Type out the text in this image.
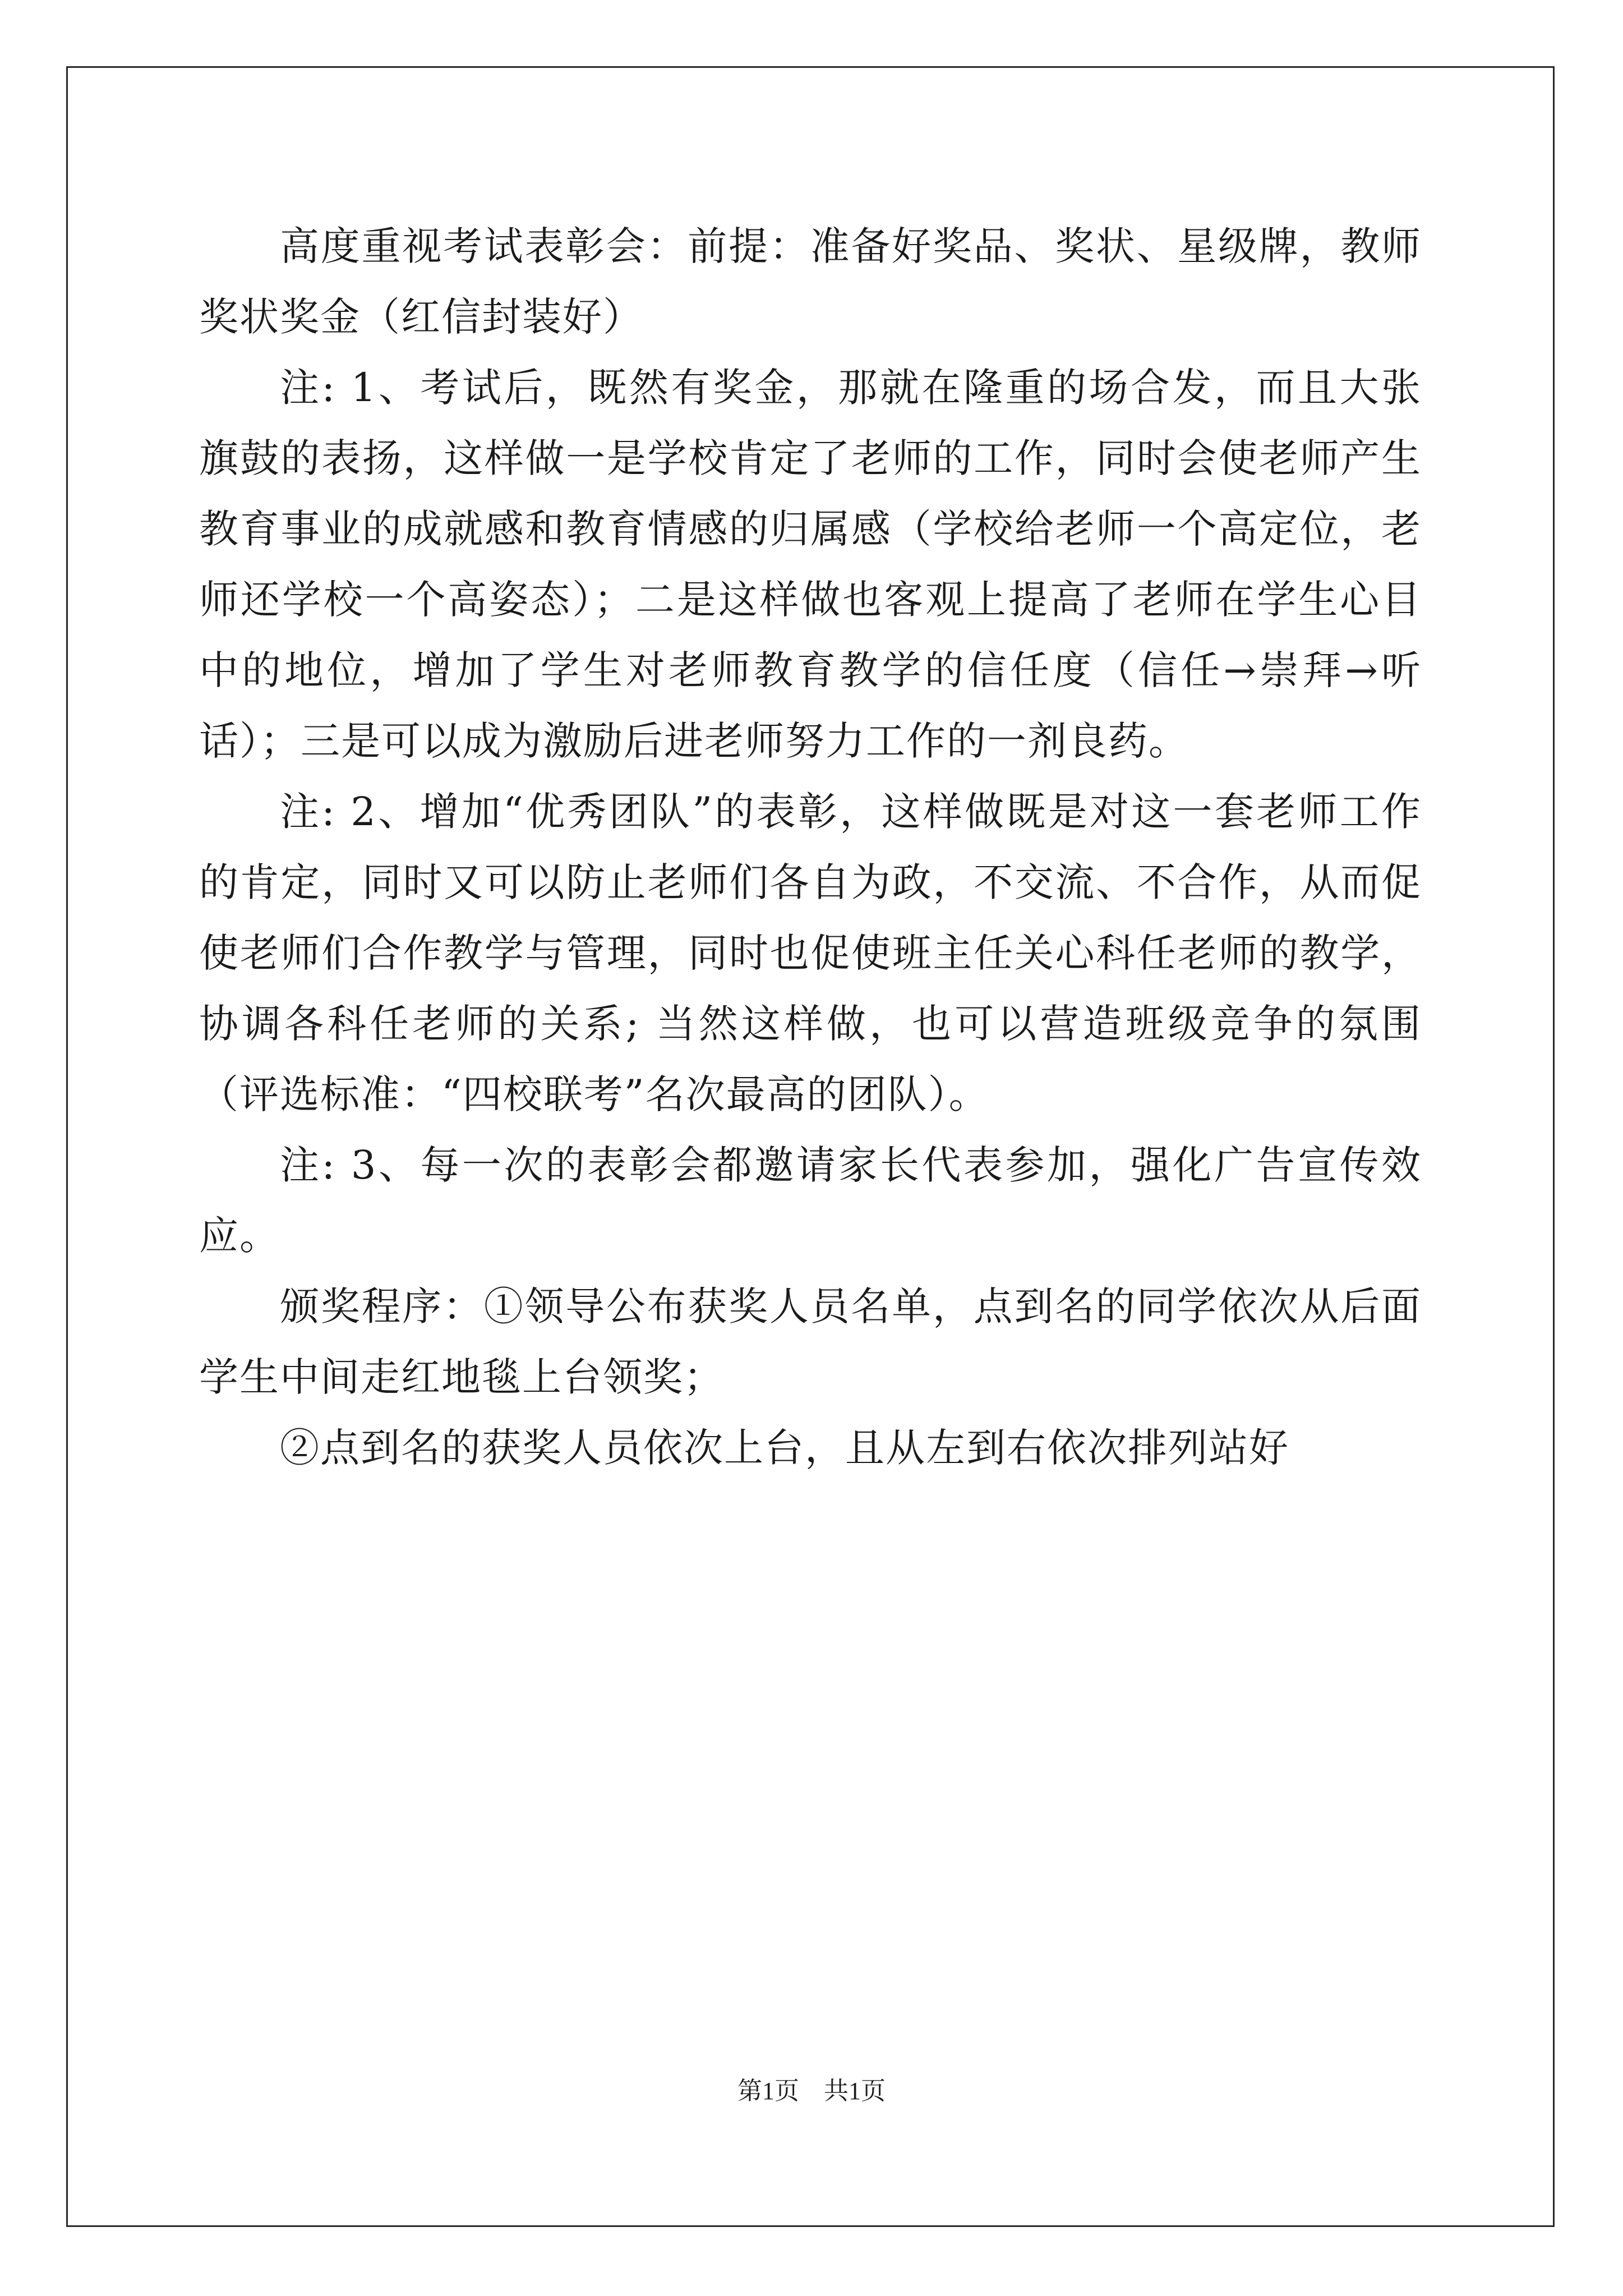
高度重视考试表彰会：前提：准备好奖品、奖状、星级牌，教师奖状奖金（红信封装好）

注: 1、考试后，既然有奖金，那就在隆重的场合发，而且大张旗鼓的表扬，这样做一是学校肯定了老师的工作，同时会使老师产生教育事业的成就感和教育情感的归属感（学校给老师一个高定位，老师还学校一个高姿态）；二是这样做也客观上提高了老师在学生心目中的地位，增加了学生对老师教育教学的信任度（信任→崇拜→听话）；三是可以成为激励后进老师努力工作的一剂良药。

注: 2、增加“优秀团队”的表彰，这样做既是对这一套老师工作的肯定，同时又可以防止老师们各自为政，不交流、不合作，从而促使老师们合作教学与管理，同时也促使班主任关心科任老师的教学，协调各科任老师的关系; 当然这样做，也可以营造班级竞争的氛围（评选标准：“四校联考”名次最高的团队）。

注: 3、每一次的表彰会都邀请家长代表参加，强化广告宣传效应。

颁奖程序：①领导公布获奖人员名单，点到名的同学依次从后面学生中间走红地毯上台领奖；

②点到名的获奖人员依次上台，且从左到右依次排列站好

第1页　共1页
